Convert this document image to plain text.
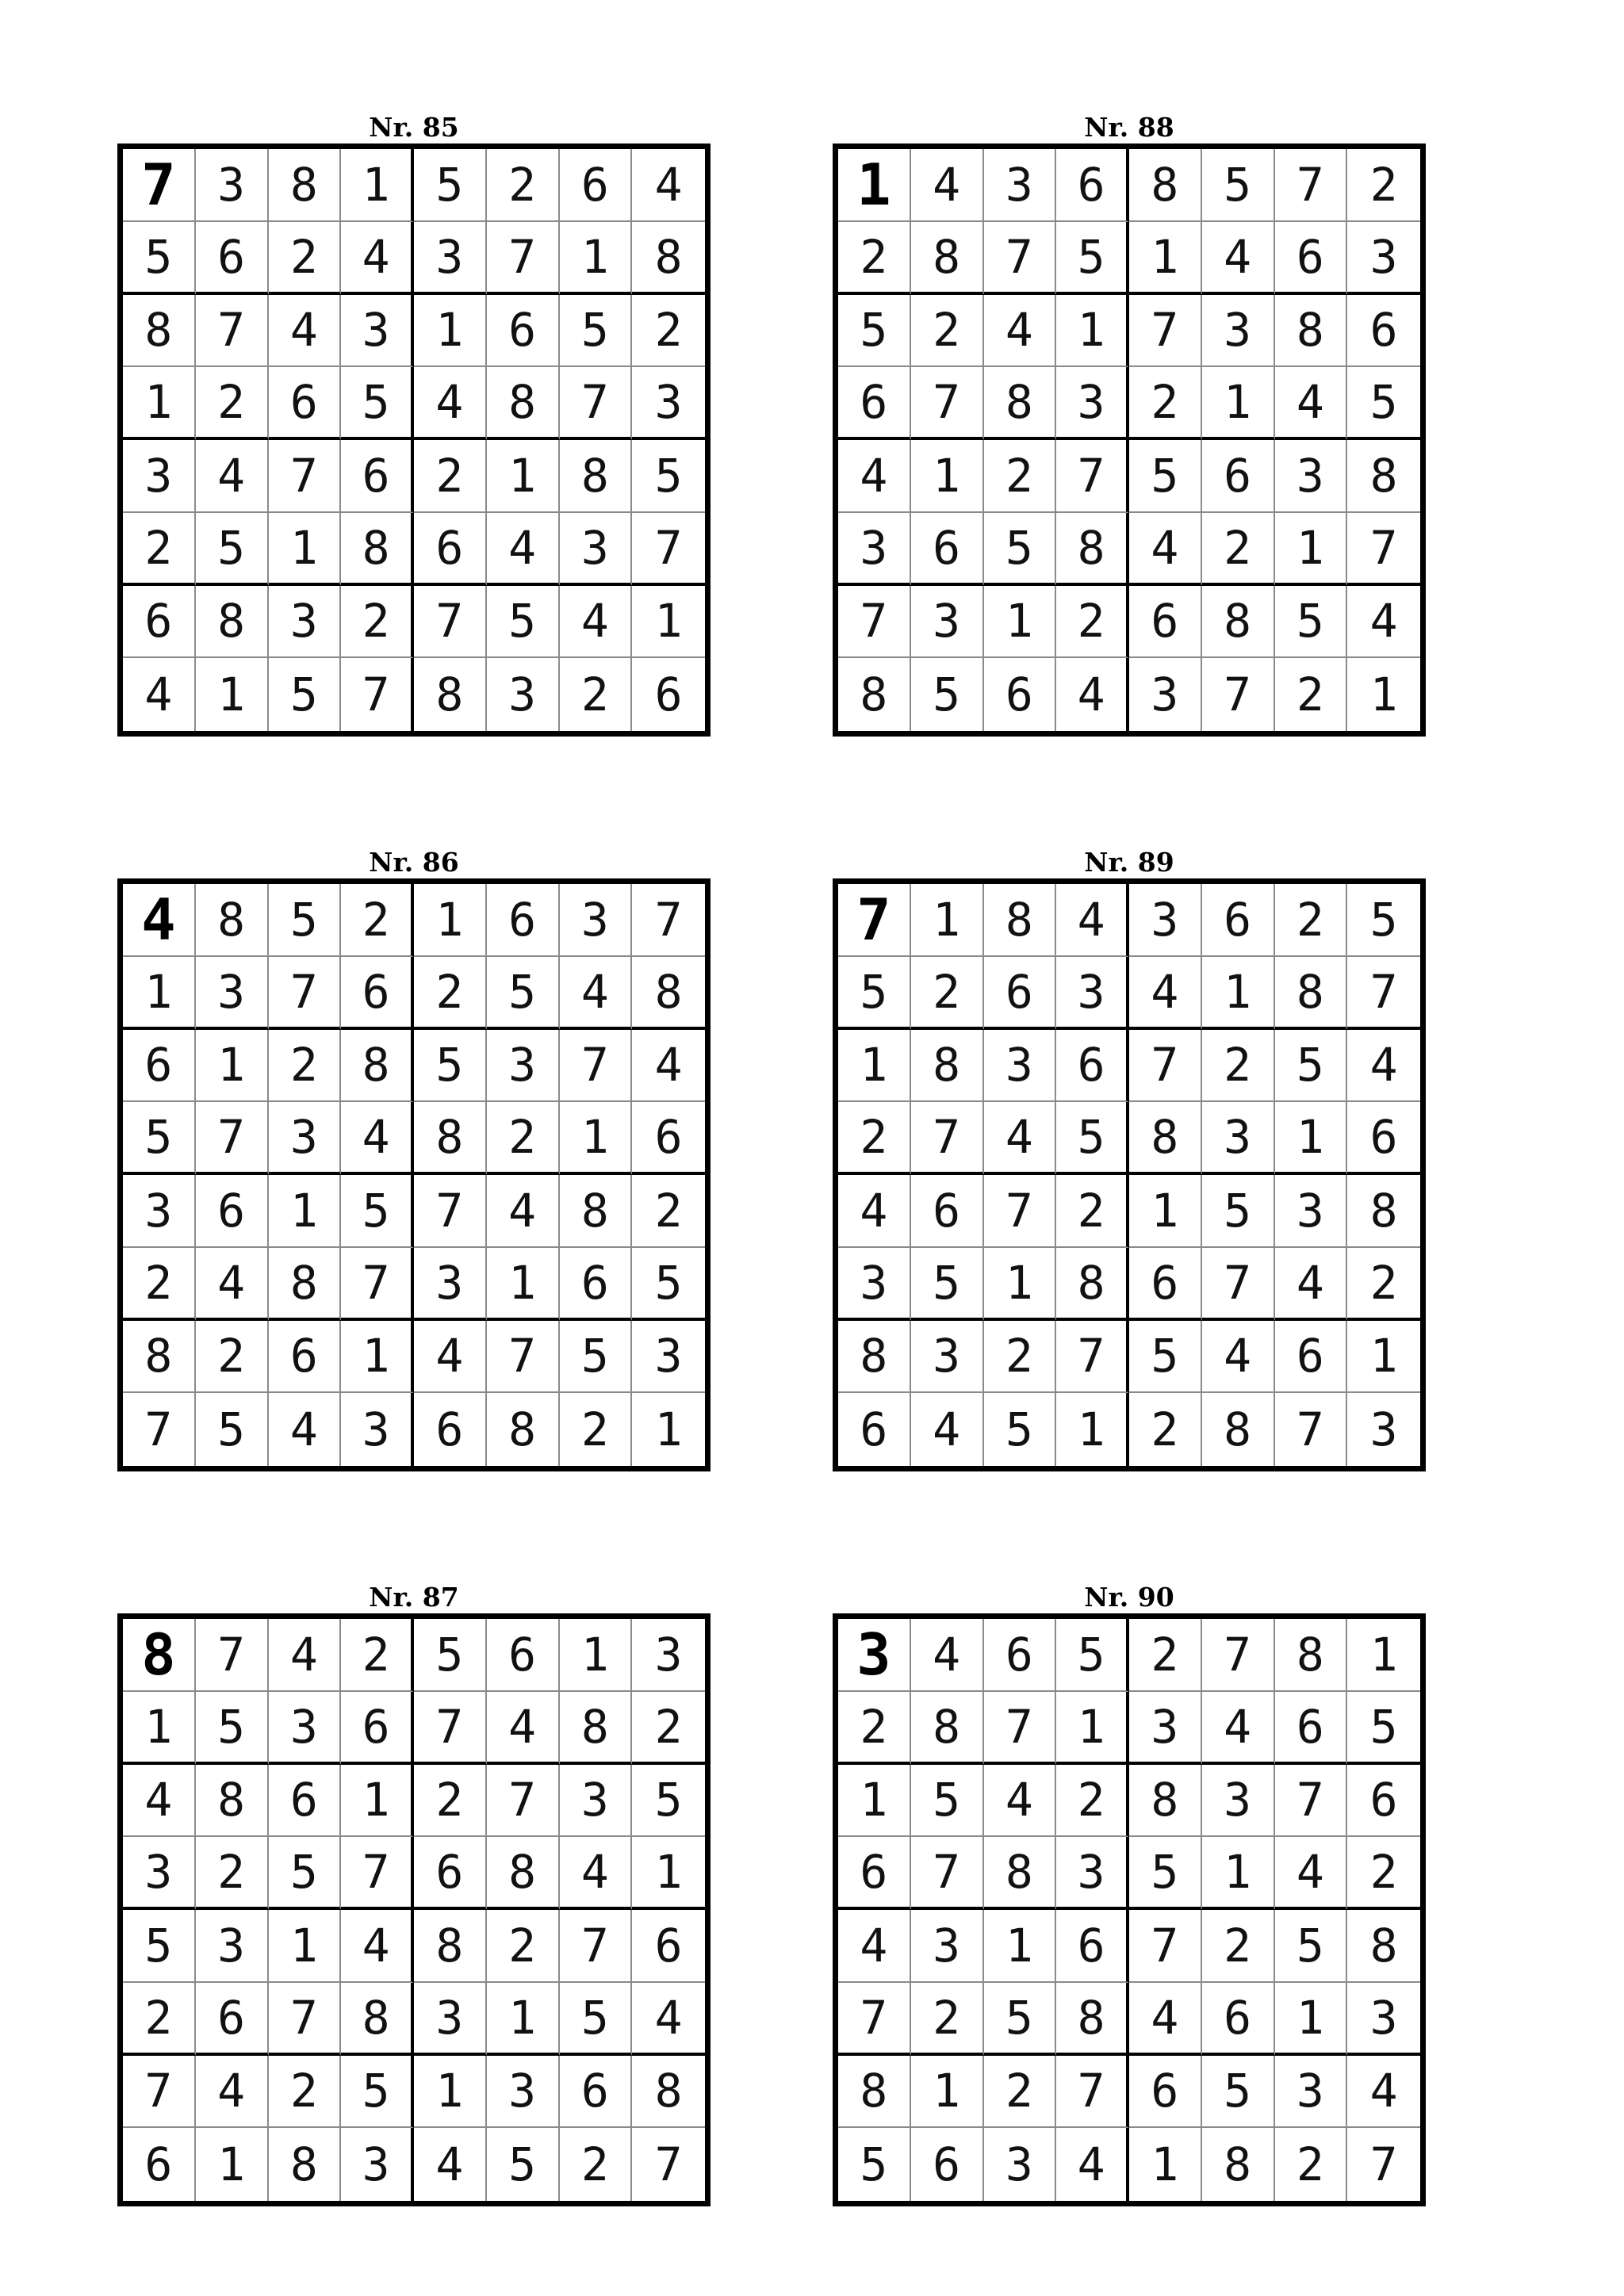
Nr. 85
7 3 8 1 5 2 6 4
5 6 2 4 3 7 1 8
8 7 4 3 1 6 5 2
1 2 6 5 4 8 7 3
3 4 7 6 2 1 8 5
2 5 1 8 6 4 3 7
6 8 3 2 7 5 4 1
4 1 5 7 8 3 2 6
Nr. 88
1 4 3 6 8 5 7 2
2 8 7 5 1 4 6 3
5 2 4 1 7 3 8 6
6 7 8 3 2 1 4 5
4 1 2 7 5 6 3 8
3 6 5 8 4 2 1 7
7 3 1 2 6 8 5 4
8 5 6 4 3 7 2 1
Nr. 86
4 8 5 2 1 6 3 7
1 3 7 6 2 5 4 8
6 1 2 8 5 3 7 4
5 7 3 4 8 2 1 6
3 6 1 5 7 4 8 2
2 4 8 7 3 1 6 5
8 2 6 1 4 7 5 3
7 5 4 3 6 8 2 1
Nr. 89
7 1 8 4 3 6 2 5
5 2 6 3 4 1 8 7
1 8 3 6 7 2 5 4
2 7 4 5 8 3 1 6
4 6 7 2 1 5 3 8
3 5 1 8 6 7 4 2
8 3 2 7 5 4 6 1
6 4 5 1 2 8 7 3
Nr. 87
8 7 4 2 5 6 1 3
1 5 3 6 7 4 8 2
4 8 6 1 2 7 3 5
3 2 5 7 6 8 4 1
5 3 1 4 8 2 7 6
2 6 7 8 3 1 5 4
7 4 2 5 1 3 6 8
6 1 8 3 4 5 2 7
Nr. 90
3 4 6 5 2 7 8 1
2 8 7 1 3 4 6 5
1 5 4 2 8 3 7 6
6 7 8 3 5 1 4 2
4 3 1 6 7 2 5 8
7 2 5 8 4 6 1 3
8 1 2 7 6 5 3 4
5 6 3 4 1 8 2 7
